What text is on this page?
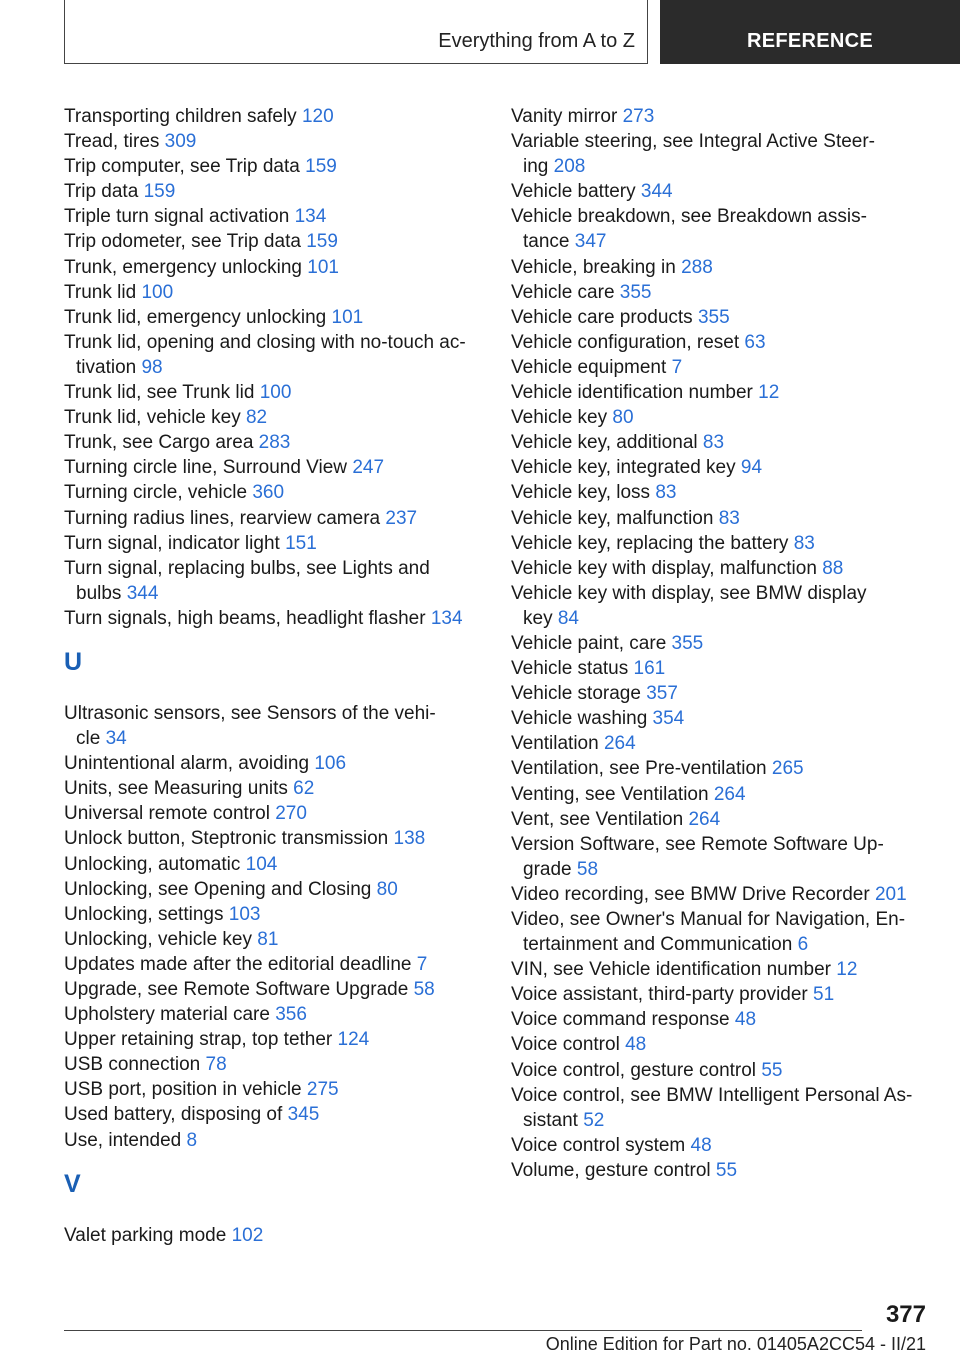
Everything from A to Z	REFERENCE
Transporting children safely 120
Tread, tires 309
Trip computer, see Trip data 159
Trip data 159
Triple turn signal activation 134
Trip odometer, see Trip data 159
Trunk, emergency unlocking 101
Trunk lid 100
Trunk lid, emergency unlocking 101
Trunk lid, opening and closing with no-touch ac-
tivation 98
Trunk lid, see Trunk lid 100
Trunk lid, vehicle key 82
Trunk, see Cargo area 283
Turning circle line, Surround View 247
Turning circle, vehicle 360
Turning radius lines, rearview camera 237
Turn signal, indicator light 151
Turn signal, replacing bulbs, see Lights and
bulbs 344
Turn signals, high beams, headlight flasher 134
U
Ultrasonic sensors, see Sensors of the vehi-
cle 34
Unintentional alarm, avoiding 106
Units, see Measuring units 62
Universal remote control 270
Unlock button, Steptronic transmission 138
Unlocking, automatic 104
Unlocking, see Opening and Closing 80
Unlocking, settings 103
Unlocking, vehicle key 81
Updates made after the editorial deadline 7
Upgrade, see Remote Software Upgrade 58
Upholstery material care 356
Upper retaining strap, top tether 124
USB connection 78
USB port, position in vehicle 275
Used battery, disposing of 345
Use, intended 8
V
Valet parking mode 102
Vanity mirror 273
Variable steering, see Integral Active Steer-
ing 208
Vehicle battery 344
Vehicle breakdown, see Breakdown assis-
tance 347
Vehicle, breaking in 288
Vehicle care 355
Vehicle care products 355
Vehicle configuration, reset 63
Vehicle equipment 7
Vehicle identification number 12
Vehicle key 80
Vehicle key, additional 83
Vehicle key, integrated key 94
Vehicle key, loss 83
Vehicle key, malfunction 83
Vehicle key, replacing the battery 83
Vehicle key with display, malfunction 88
Vehicle key with display, see BMW display
key 84
Vehicle paint, care 355
Vehicle status 161
Vehicle storage 357
Vehicle washing 354
Ventilation 264
Ventilation, see Pre-ventilation 265
Venting, see Ventilation 264
Vent, see Ventilation 264
Version Software, see Remote Software Up-
grade 58
Video recording, see BMW Drive Recorder 201
Video, see Owner's Manual for Navigation, En-
tertainment and Communication 6
VIN, see Vehicle identification number 12
Voice assistant, third-party provider 51
Voice command response 48
Voice control 48
Voice control, gesture control 55
Voice control, see BMW Intelligent Personal As-
sistant 52
Voice control system 48
Volume, gesture control 55
377
Online Edition for Part no. 01405A2CC54 - II/21
